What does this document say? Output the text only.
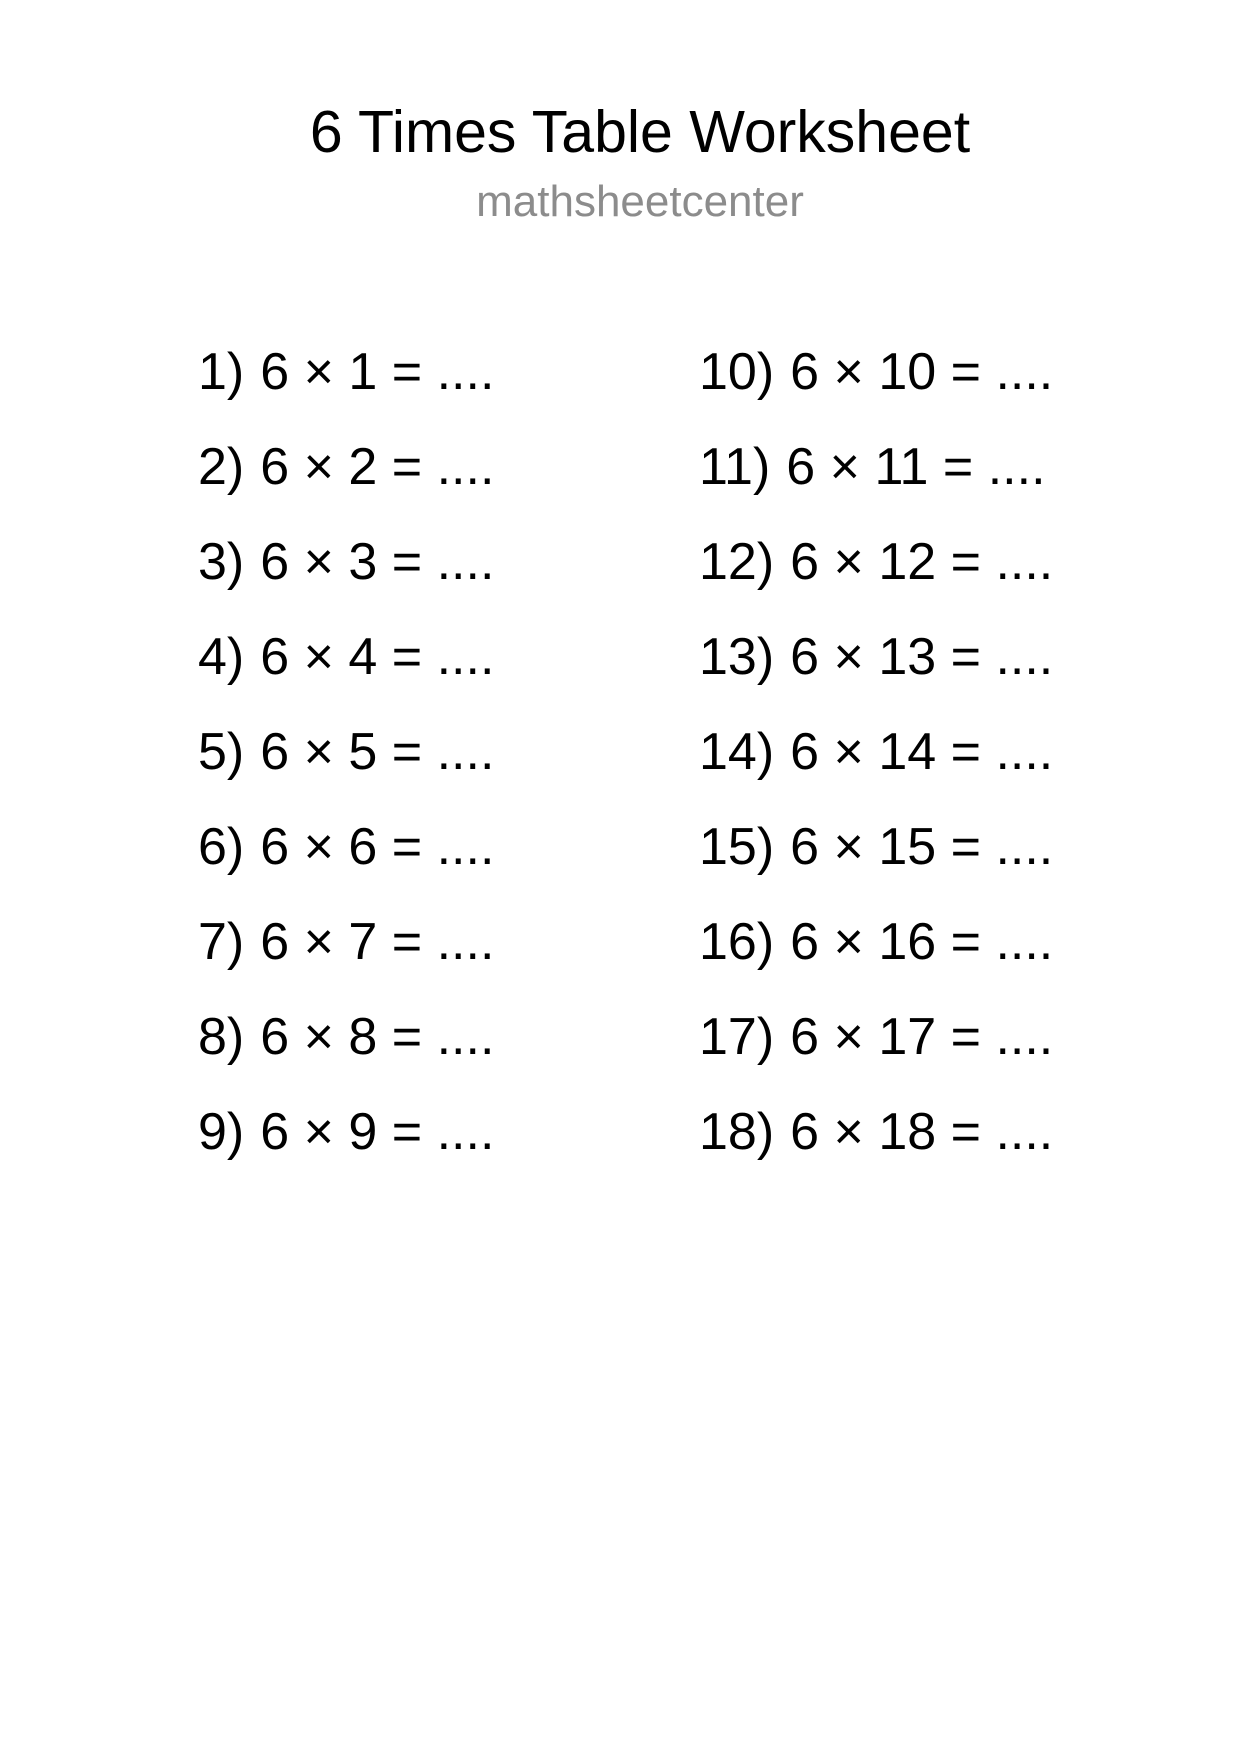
6 Times Table Worksheet
mathsheetcenter
1) 6 × 1 = ....
2) 6 × 2 = ....
3) 6 × 3 = ....
4) 6 × 4 = ....
5) 6 × 5 = ....
6) 6 × 6 = ....
7) 6 × 7 = ....
8) 6 × 8 = ....
9) 6 × 9 = ....
10) 6 × 10 = ....
11) 6 × 11 = ....
12) 6 × 12 = ....
13) 6 × 13 = ....
14) 6 × 14 = ....
15) 6 × 15 = ....
16) 6 × 16 = ....
17) 6 × 17 = ....
18) 6 × 18 = ....
